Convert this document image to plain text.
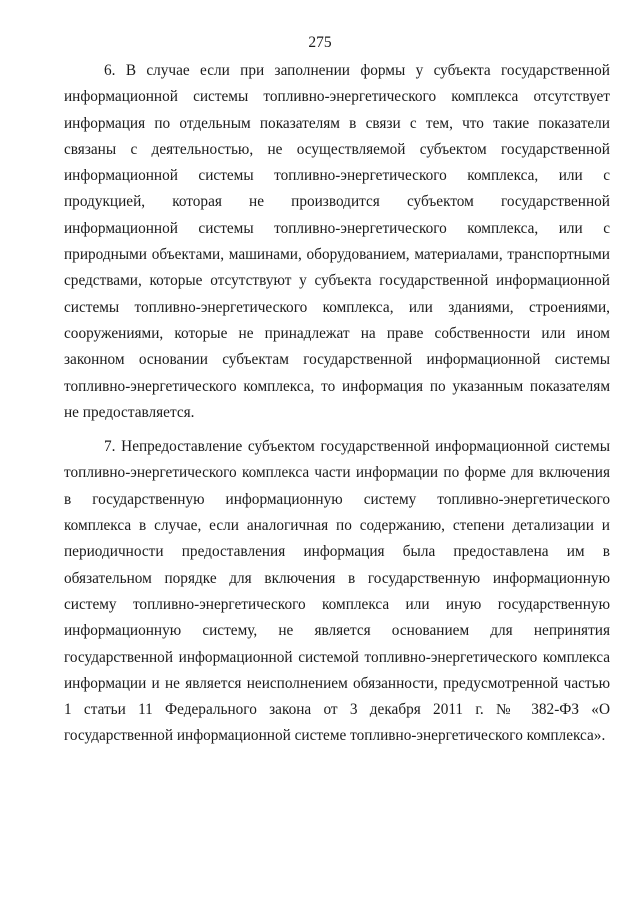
275

6. В случае если при заполнении формы у субъекта государственной информационной системы топливно-энергетического комплекса отсутствует информация по отдельным показателям в связи с тем, что такие показатели связаны с деятельностью, не осуществляемой субъектом государственной информационной системы топливно-энергетического комплекса, или с продукцией, которая не производится субъектом государственной информационной системы топливно-энергетического комплекса, или с природными объектами, машинами, оборудованием, материалами, транспортными средствами, которые отсутствуют у субъекта государственной информационной системы топливно-энергетического комплекса, или зданиями, строениями, сооружениями, которые не принадлежат на праве собственности или ином законном основании субъектам государственной информационной системы топливно-энергетического комплекса, то информация по указанным показателям не предоставляется.

7. Непредоставление субъектом государственной информационной системы топливно-энергетического комплекса части информации по форме для включения в государственную информационную систему топливно-энергетического комплекса в случае, если аналогичная по содержанию, степени детализации и периодичности предоставления информация была предоставлена им в обязательном порядке для включения в государственную информационную систему топливно-энергетического комплекса или иную государственную информационную систему, не является основанием для непринятия государственной информационной системой топливно-энергетического комплекса информации и не является неисполнением обязанности, предусмотренной частью 1 статьи 11 Федерального закона от 3 декабря 2011 г. № 382-ФЗ «О государственной информационной системе топливно-энергетического комплекса».
